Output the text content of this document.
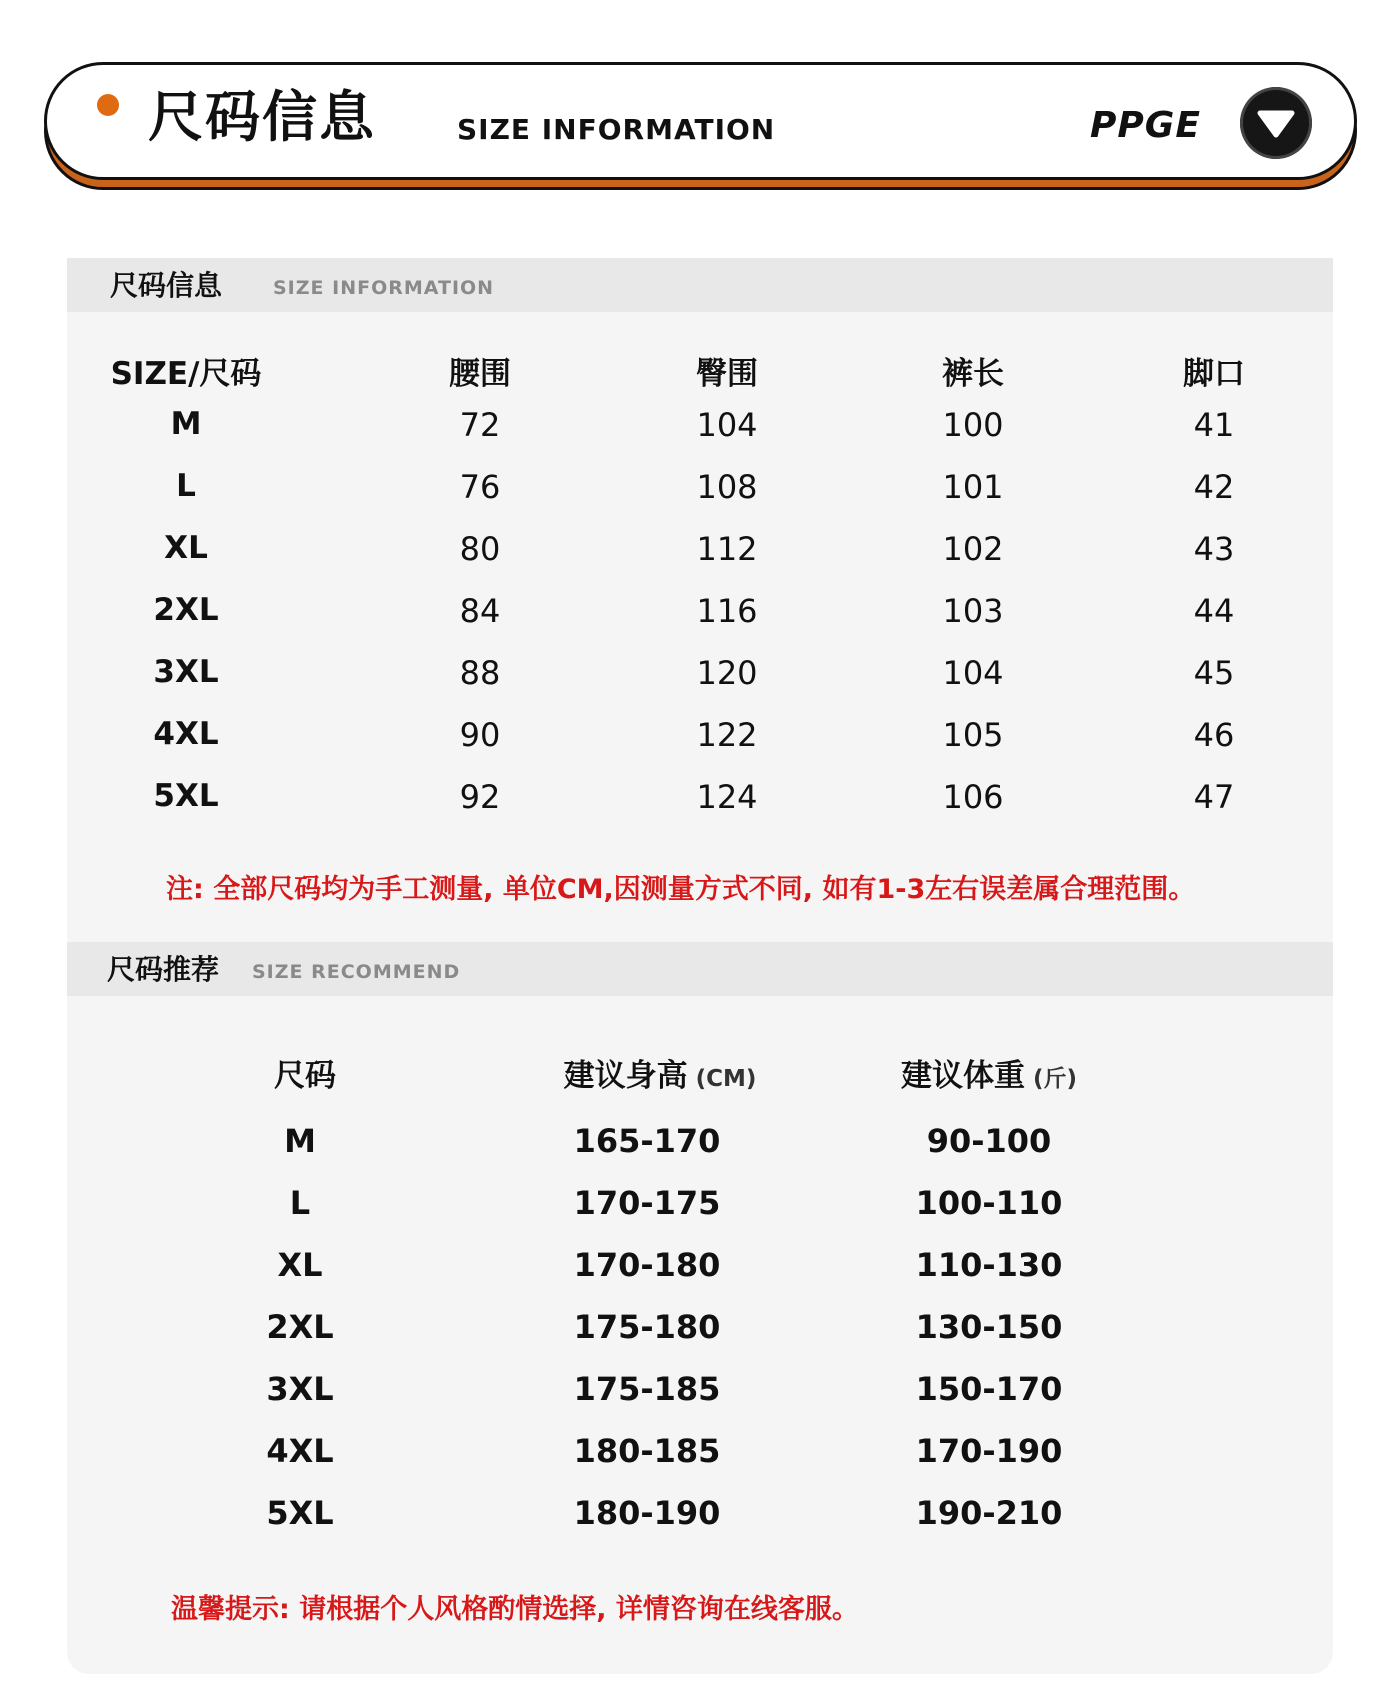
尺码信息	SIZE INFORMATION	PPGE
尺码信息	SIZE INFORMATION
尺码推荐 SIZE RECOMMEND
SIZE/尺码	腰围	臀围	裤长	脚口
M	72	104	100	41
L	76	108	101	42
XL	80	112	102	43
2XL	84	116	103	44
3XL	88	120	104	45
4XL	90	122	105	46
5XL	92	124	106	47
注: 全部尺码均为手工测量, 单位CM,因测量方式不同, 如有1-3左右误差属合理范围。
尺码	建议身高 (CM)	建议体重 (斤)
M	165-170	90-100
L	170-175	100-110
XL	170-180	110-130
2XL	175-180	130-150
3XL	175-185	150-170
4XL	180-185	170-190
5XL	180-190	190-210
温馨提示: 请根据个人风格酌情选择, 详情咨询在线客服。
